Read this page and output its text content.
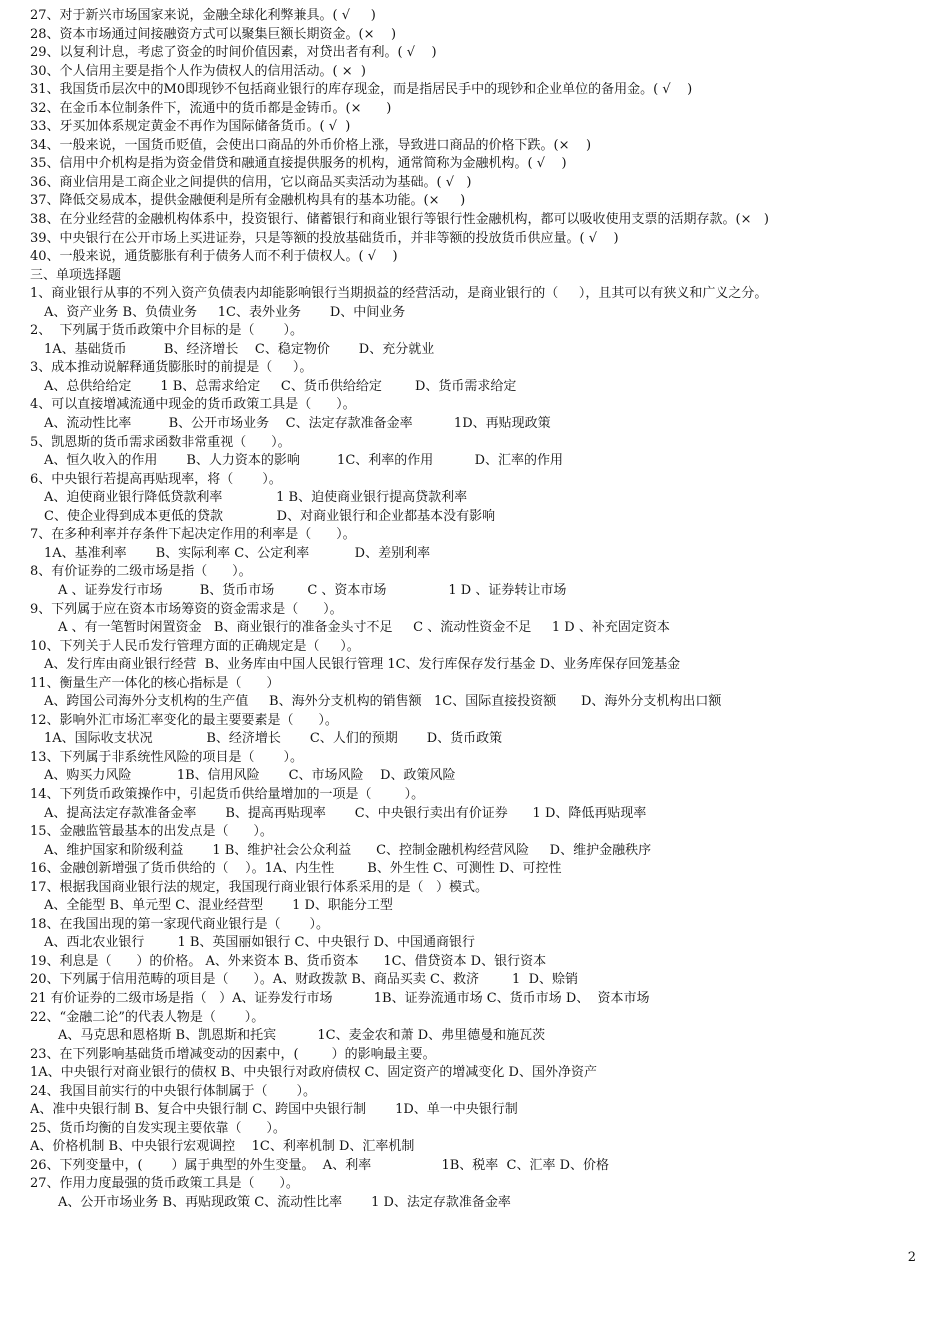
27、对于新兴市场国家来说，金融全球化利弊兼具。( √     )
28、资本市场通过间接融资方式可以聚集巨额长期资金。(×    )
29、以复利计息，考虑了资金的时间价值因素，对贷出者有利。( √    )
30、个人信用主要是指个人作为债权人的信用活动。( ×  )
31、我国货币层次中的M0即现钞不包括商业银行的库存现金，而是指居民手中的现钞和企业单位的备用金。( √    )
32、在金币本位制条件下，流通中的货币都是金铸币。(×      )
33、牙买加体系规定黄金不再作为国际储备货币。( √  )
34、一般来说，一国货币贬值，会使出口商品的外币价格上涨，导致进口商品的价格下跌。(×    )
35、信用中介机构是指为资金借贷和融通直接提供服务的机构，通常简称为金融机构。( √    )
36、商业信用是工商企业之间提供的信用，它以商品买卖活动为基础。( √   )
37、降低交易成本，提供金融便利是所有金融机构具有的基本功能。(×     )
38、在分业经营的金融机构体系中，投资银行、储蓄银行和商业银行等银行性金融机构，都可以吸收使用支票的活期存款。(×   )
39、中央银行在公开市场上买进证券，只是等额的投放基础货币，并非等额的投放货币供应量。( √    )
40、一般来说，通货膨胀有利于债务人而不利于债权人。( √    )
三、单项选择题
1、商业银行从事的不列入资产负债表内却能影响银行当期损益的经营活动，是商业银行的（     ），且其可以有狭义和广义之分。
A、资产业务 B、负债业务     1C、表外业务       D、中间业务
2、  下列属于货币政策中介目标的是（       ）。
1A、基础货币         B、经济增长    C、稳定物价       D、充分就业
3、成本推动说解释通货膨胀时的前提是（     ）。
A、总供给给定       1 B、总需求给定     C、货币供给给定        D、货币需求给定
4、可以直接增减流通中现金的货币政策工具是（      ）。
A、流动性比率         B、公开市场业务    C、法定存款准备金率          1D、再贴现政策
5、凯恩斯的货币需求函数非常重视（      ）。
A、恒久收入的作用       B、人力资本的影响         1C、利率的作用          D、汇率的作用
6、中央银行若提高再贴现率，将（       ）。
A、迫使商业银行降低贷款利率             1 B、迫使商业银行提高贷款利率
C、使企业得到成本更低的贷款             D、对商业银行和企业都基本没有影响
7、在多种利率并存条件下起决定作用的利率是（      ）。
1A、基准利率       B、实际利率 C、公定利率           D、差别利率
8、有价证券的二级市场是指（      ）。
A 、证券发行市场         B、货币市场        C 、资本市场               1 D 、证券转让市场
9、下列属于应在资本市场筹资的资金需求是（      ）。
A 、有一笔暂时闲置资金   B、商业银行的准备金头寸不足     C 、流动性资金不足     1 D 、补充固定资本
10、下列关于人民币发行管理方面的正确规定是（     ）。
A、发行库由商业银行经营  B、业务库由中国人民银行管理 1C、发行库保存发行基金 D、业务库保存回笼基金
11、衡量生产一体化的核心指标是（      ）
A、跨国公司海外分支机构的生产值     B、海外分支机构的销售额   1C、国际直接投资额      D、海外分支机构出口额
12、影响外汇市场汇率变化的最主要要素是（      ）。
1A、国际收支状况             B、经济增长       C、人们的预期       D、货币政策
13、下列属于非系统性风险的项目是（       ）。
A、购买力风险           1B、信用风险       C、市场风险    D、政策风险
14、下列货币政策操作中，引起货币供给量增加的一项是（        ）。
A、提高法定存款准备金率       B、提高再贴现率       C、中央银行卖出有价证券      1 D、降低再贴现率
15、金融监管最基本的出发点是（      ）。
A、维护国家和阶级利益       1 B、维护社会公众利益      C、控制金融机构经营风险     D、维护金融秩序
16、金融创新增强了货币供给的（    ）。1A、内生性        B、外生性 C、可测性 D、可控性
17、根据我国商业银行法的规定，我国现行商业银行体系采用的是（   ）模式。
A、全能型 B、单元型 C、混业经营型       1 D、职能分工型
18、在我国出现的第一家现代商业银行是（       ）。
A、西北农业银行        1 B、英国丽如银行 C、中央银行 D、中国通商银行
19、利息是（      ）的价格。 A、外来资本 B、货币资本      1C、借贷资本 D、银行资本
20、下列属于信用范畴的项目是（      ）。A、财政拨款 B、商品买卖 C、救济        1  D、赊销
21 有价证券的二级市场是指（   ）A、证券发行市场          1B、证券流通市场 C、货币市场 D、  资本市场
22、“金融二论”的代表人物是（       ）。
A、马克思和恩格斯 B、凯恩斯和托宾          1C、麦金农和萧 D、弗里德曼和施瓦茨
23、在下列影响基础货币增减变动的因素中，(        ）的影响最主要。
1A、中央银行对商业银行的债权 B、中央银行对政府债权 C、固定资产的增减变化 D、国外净资产
24、我国目前实行的中央银行体制属于（       ）。
A、准中央银行制 B、复合中央银行制 C、跨国中央银行制       1D、单一中央银行制
25、货币均衡的自发实现主要依靠（      ）。
A、价格机制 B、中央银行宏观调控    1C、利率机制 D、汇率机制
26、下列变量中，(       ）属于典型的外生变量。  A、利率                 1B、税率  C、汇率 D、价格
27、作用力度最强的货币政策工具是（      ）。
A、公开市场业务 B、再贴现政策 C、流动性比率       1 D、法定存款准备金率
2
